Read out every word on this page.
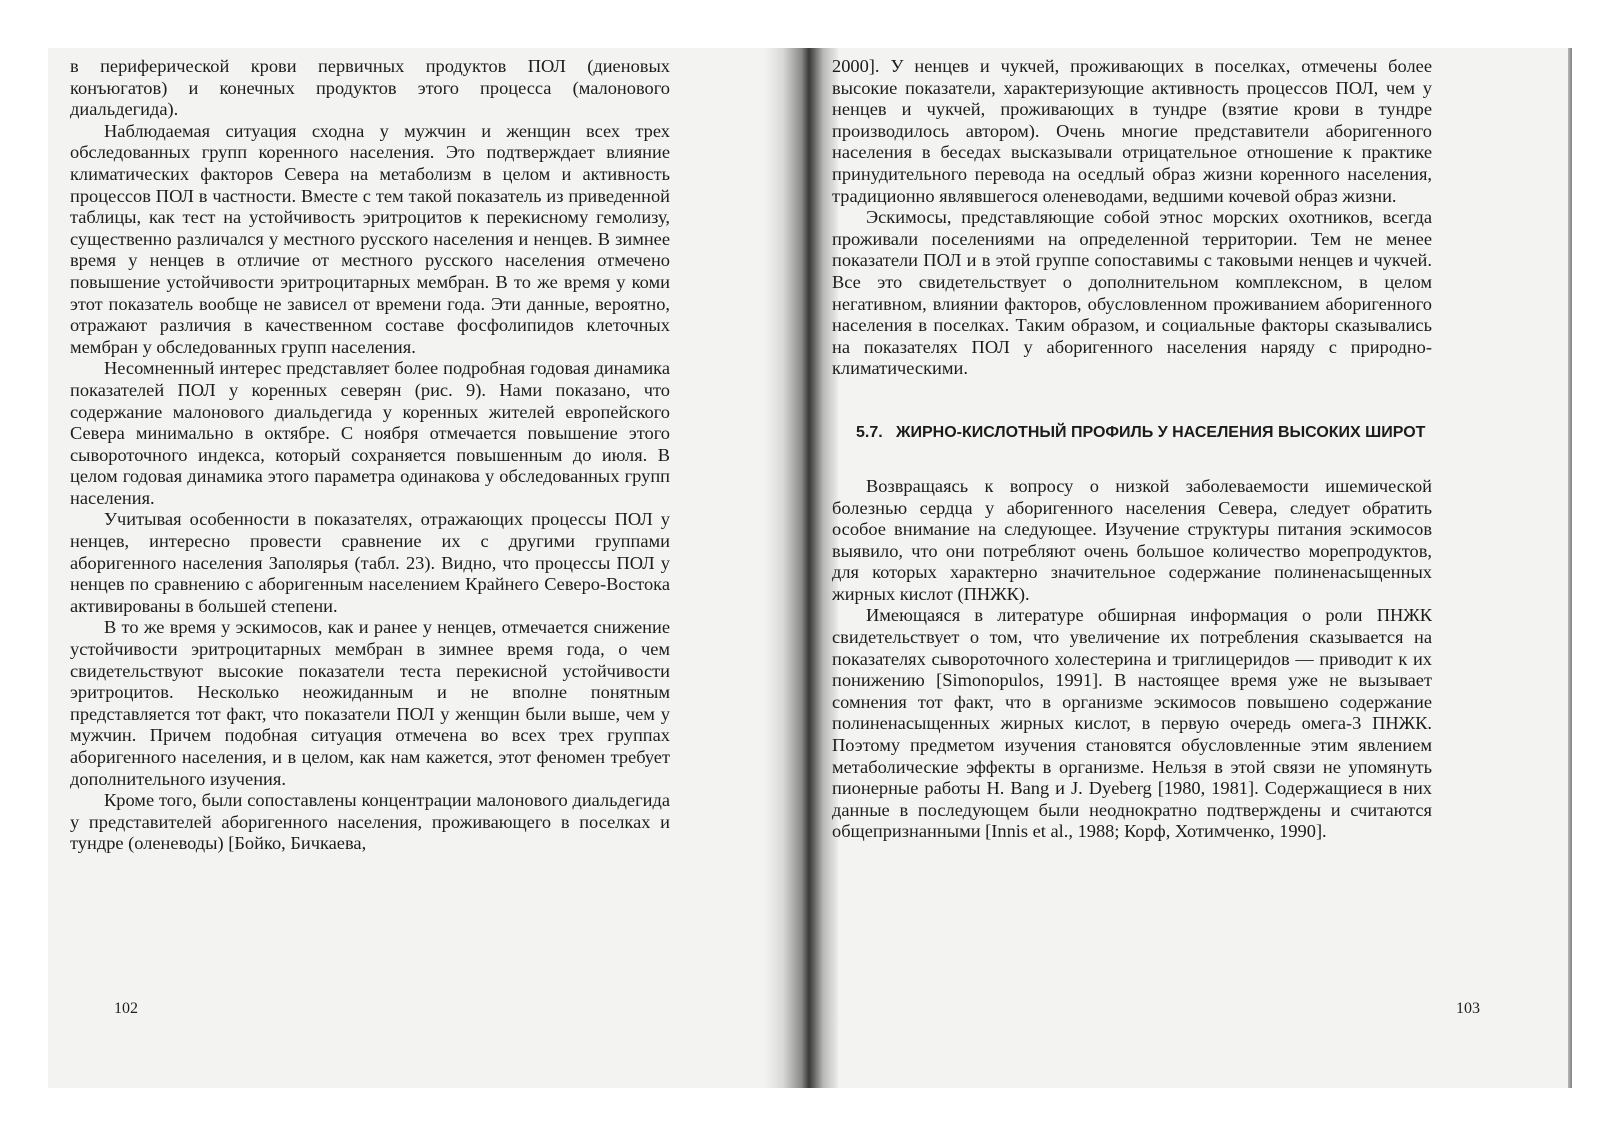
в периферической крови первичных продуктов ПОЛ (диеновых конъюгатов) и конечных продуктов этого процесса (малонового диальдегида).

Наблюдаемая ситуация сходна у мужчин и женщин всех трех обследованных групп коренного населения. Это подтверждает влияние климатических факторов Севера на метаболизм в целом и активность процессов ПОЛ в частности. Вместе с тем такой показатель из приведенной таблицы, как тест на устойчивость эритроцитов к перекисному гемолизу, существенно различался у местного русского населения и ненцев. В зимнее время у ненцев в отличие от местного русского населения отмечено повышение устойчивости эритроцитарных мембран. В то же время у коми этот показатель вообще не зависел от времени года. Эти данные, вероятно, отражают различия в качественном составе фосфолипидов клеточных мембран у обследованных групп населения.

Несомненный интерес представляет более подробная годовая динамика показателей ПОЛ у коренных северян (рис. 9). Нами показано, что содержание малонового диальдегида у коренных жителей европейского Севера минимально в октябре. С ноября отмечается повышение этого сывороточного индекса, который сохраняется повышенным до июля. В целом годовая динамика этого параметра одинакова у обследованных групп населения.

Учитывая особенности в показателях, отражающих процессы ПОЛ у ненцев, интересно провести сравнение их с другими группами аборигенного населения Заполярья (табл. 23). Видно, что процессы ПОЛ у ненцев по сравнению с аборигенным населением Крайнего Северо-Востока активированы в большей степени.

В то же время у эскимосов, как и ранее у ненцев, отмечается снижение устойчивости эритроцитарных мембран в зимнее время года, о чем свидетельствуют высокие показатели теста перекисной устойчивости эритроцитов. Несколько неожиданным и не вполне понятным представляется тот факт, что показатели ПОЛ у женщин были выше, чем у мужчин. Причем подобная ситуация отмечена во всех трех группах аборигенного населения, и в целом, как нам кажется, этот феномен требует дополнительного изучения.

Кроме того, были сопоставлены концентрации малонового диальдегида у представителей аборигенного населения, проживающего в поселках и тундре (оленеводы) [Бойко, Бичкаева,

102

2000]. У ненцев и чукчей, проживающих в поселках, отмечены более высокие показатели, характеризующие активность процессов ПОЛ, чем у ненцев и чукчей, проживающих в тундре (взятие крови в тундре производилось автором). Очень многие представители аборигенного населения в беседах высказывали отрицательное отношение к практике принудительного перевода на оседлый образ жизни коренного населения, традиционно являвшегося оленеводами, ведшими кочевой образ жизни.

Эскимосы, представляющие собой этнос морских охотников, всегда проживали поселениями на определенной территории. Тем не менее показатели ПОЛ и в этой группе сопоставимы с таковыми ненцев и чукчей. Все это свидетельствует о дополнительном комплексном, в целом негативном, влиянии факторов, обусловленном проживанием аборигенного населения в поселках. Таким образом, и социальные факторы сказывались на показателях ПОЛ у аборигенного населения наряду с природно-климатическими.

5.7. ЖИРНО-КИСЛОТНЫЙ ПРОФИЛЬ У НАСЕЛЕНИЯ ВЫСОКИХ ШИРОТ

Возвращаясь к вопросу о низкой заболеваемости ишемической болезнью сердца у аборигенного населения Севера, следует обратить особое внимание на следующее. Изучение структуры питания эскимосов выявило, что они потребляют очень большое количество морепродуктов, для которых характерно значительное содержание полиненасыщенных жирных кислот (ПНЖК).

Имеющаяся в литературе обширная информация о роли ПНЖК свидетельствует о том, что увеличение их потребления сказывается на показателях сывороточного холестерина и триглицеридов — приводит к их понижению [Simonopulos, 1991]. В настоящее время уже не вызывает сомнения тот факт, что в организме эскимосов повышено содержание полиненасыщенных жирных кислот, в первую очередь омега-3 ПНЖК. Поэтому предметом изучения становятся обусловленные этим явлением метаболические эффекты в организме. Нельзя в этой связи не упомянуть пионерные работы H. Bang и J. Dyeberg [1980, 1981]. Содержащиеся в них данные в последующем были неоднократно подтверждены и считаются общепризнанными [Innis et al., 1988; Корф, Хотимченко, 1990].

103
